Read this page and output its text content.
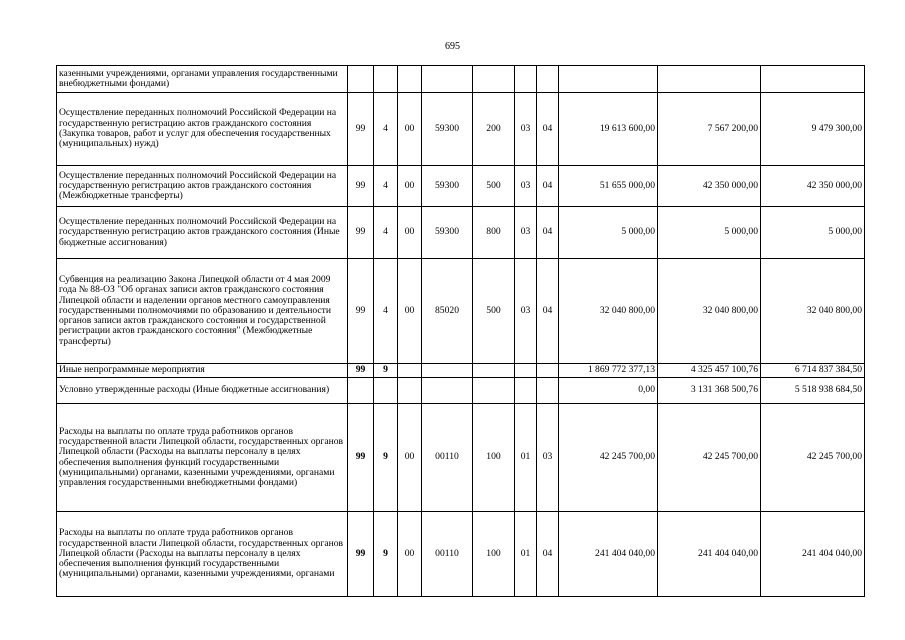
695
казенными учреждениями, органами управления государственными внебюджетными фондами)										
Осуществление переданных полномочий Российской Федерации на государственную регистрацию актов гражданского состояния (Закупка товаров, работ и услуг для обеспечения государственных (муниципальных) нужд)	99	4	00	59300	200	03	04	19 613 600,00	7 567 200,00	9 479 300,00
Осуществление переданных полномочий Российской Федерации на государственную регистрацию актов гражданского состояния (Межбюджетные трансферты)	99	4	00	59300	500	03	04	51 655 000,00	42 350 000,00	42 350 000,00
Осуществление переданных полномочий Российской Федерации на государственную регистрацию актов гражданского состояния (Иные бюджетные ассигнования)	99	4	00	59300	800	03	04	5 000,00	5 000,00	5 000,00
Субвенция на реализацию Закона Липецкой области от 4 мая 2009 года № 88-ОЗ "Об органах записи актов гражданского состояния Липецкой области и наделении органов местного самоуправления государственными полномочиями по образованию и деятельности органов записи актов гражданского состояния и государственной регистрации актов гражданского состояния" (Межбюджетные трансферты)	99	4	00	85020	500	03	04	32 040 800,00	32 040 800,00	32 040 800,00
Иные непрограммные мероприятия	99	9						1 869 772 377,13	4 325 457 100,76	6 714 837 384,50
Условно утвержденные расходы (Иные бюджетные ассигнования)								0,00	3 131 368 500,76	5 518 938 684,50
Расходы на выплаты по оплате труда работников органов государственной власти Липецкой области, государственных органов Липецкой области (Расходы на выплаты персоналу в целях обеспечения выполнения функций государственными (муниципальными) органами, казенными учреждениями, органами управления государственными внебюджетными фондами)	99	9	00	00110	100	01	03	42 245 700,00	42 245 700,00	42 245 700,00
Расходы на выплаты по оплате труда работников органов государственной власти Липецкой области, государственных органов Липецкой области (Расходы на выплаты персоналу в целях обеспечения выполнения функций государственными (муниципальными) органами, казенными учреждениями, органами	99	9	00	00110	100	01	04	241 404 040,00	241 404 040,00	241 404 040,00
